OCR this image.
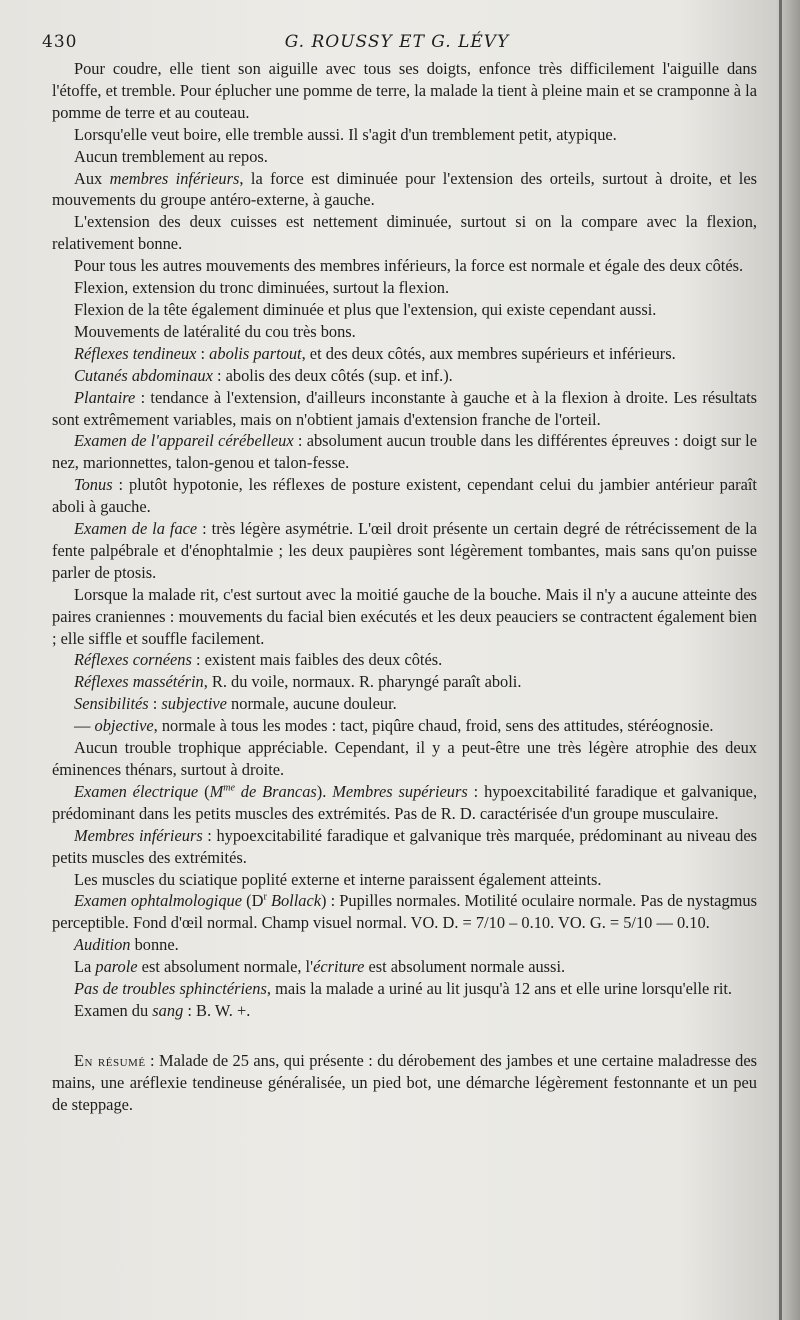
430	G. ROUSSY ET G. LÉVY

Pour coudre, elle tient son aiguille avec tous ses doigts, enfonce très difficilement l'aiguille dans l'étoffe, et tremble. Pour éplucher une pomme de terre, la malade la tient à pleine main et se cramponne à la pomme de terre et au couteau.

Lorsqu'elle veut boire, elle tremble aussi. Il s'agit d'un tremblement petit, atypique.

Aucun tremblement au repos.

Aux membres inférieurs, la force est diminuée pour l'extension des orteils, surtout à droite, et les mouvements du groupe antéro-externe, à gauche.

L'extension des deux cuisses est nettement diminuée, surtout si on la compare avec la flexion, relativement bonne.

Pour tous les autres mouvements des membres inférieurs, la force est normale et égale des deux côtés.

Flexion, extension du tronc diminuées, surtout la flexion.

Flexion de la tête également diminuée et plus que l'extension, qui existe cependant aussi.

Mouvements de latéralité du cou très bons.

Réflexes tendineux : abolis partout, et des deux côtés, aux membres supérieurs et inférieurs.

Cutanés abdominaux : abolis des deux côtés (sup. et inf.).

Plantaire : tendance à l'extension, d'ailleurs inconstante à gauche et à la flexion à droite. Les résultats sont extrêmement variables, mais on n'obtient jamais d'extension franche de l'orteil.

Examen de l'appareil cérébelleux : absolument aucun trouble dans les différentes épreuves : doigt sur le nez, marionnettes, talon-genou et talon-fesse.

Tonus : plutôt hypotonie, les réflexes de posture existent, cependant celui du jambier antérieur paraît aboli à gauche.

Examen de la face : très légère asymétrie. L'œil droit présente un certain degré de rétrécissement de la fente palpébrale et d'énophtalmie ; les deux paupières sont légèrement tombantes, mais sans qu'on puisse parler de ptosis.

Lorsque la malade rit, c'est surtout avec la moitié gauche de la bouche. Mais il n'y a aucune atteinte des paires craniennes : mouvements du facial bien exécutés et les deux peauciers se contractent également bien ; elle siffle et souffle facilement.

Réflexes cornéens : existent mais faibles des deux côtés.

Réflexes massétérin, R. du voile, normaux. R. pharyngé paraît aboli.

Sensibilités : subjective normale, aucune douleur.

— objective, normale à tous les modes : tact, piqûre chaud, froid, sens des attitudes, stéréognosie.

Aucun trouble trophique appréciable. Cependant, il y a peut-être une très légère atrophie des deux éminences thénars, surtout à droite.

Examen électrique ($M^{me}$ de Brancas). Membres supérieurs : hypoexcitabilité faradique et galvanique, prédominant dans les petits muscles des extrémités. Pas de R. D. caractérisée d'un groupe musculaire.

Membres inférieurs : hypoexcitabilité faradique et galvanique très marquée, prédominant au niveau des petits muscles des extrémités.

Les muscles du sciatique poplité externe et interne paraissent également atteints.

Examen ophtalmologique ($D^r$ Bollack) : Pupilles normales. Motilité oculaire normale. Pas de nystagmus perceptible. Fond d'œil normal. Champ visuel normal. VO. D. = 7/10 – 0.10. VO. G. = 5/10 — 0.10.

Audition bonne.

La parole est absolument normale, l'écriture est absolument normale aussi.

Pas de troubles sphinctériens, mais la malade a uriné au lit jusqu'à 12 ans et elle urine lorsqu'elle rit.

Examen du sang : B. W. +.

En résumé : Malade de 25 ans, qui présente : du dérobement des jambes et une certaine maladresse des mains, une aréflexie tendineuse généralisée, un pied bot, une démarche légèrement festonnante et un peu de steppage.
